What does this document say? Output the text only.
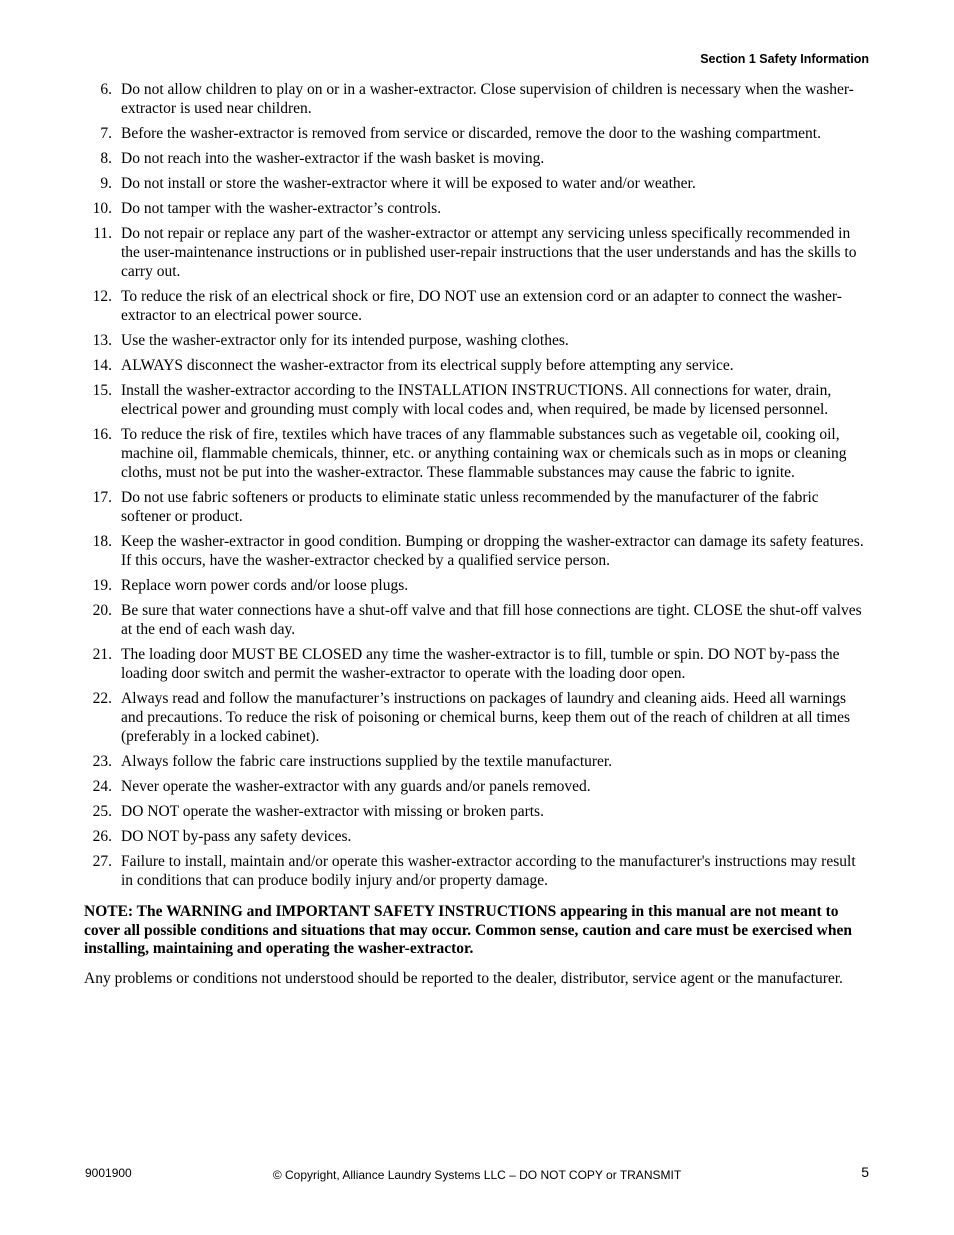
Section 1 Safety Information
6. Do not allow children to play on or in a washer-extractor. Close supervision of children is necessary when the washer-extractor is used near children.
7. Before the washer-extractor is removed from service or discarded, remove the door to the washing compartment.
8. Do not reach into the washer-extractor if the wash basket is moving.
9. Do not install or store the washer-extractor where it will be exposed to water and/or weather.
10. Do not tamper with the washer-extractor’s controls.
11. Do not repair or replace any part of the washer-extractor or attempt any servicing unless specifically recommended in the user-maintenance instructions or in published user-repair instructions that the user understands and has the skills to carry out.
12. To reduce the risk of an electrical shock or fire, DO NOT use an extension cord or an adapter to connect the washer-extractor to an electrical power source.
13. Use the washer-extractor only for its intended purpose, washing clothes.
14. ALWAYS disconnect the washer-extractor from its electrical supply before attempting any service.
15. Install the washer-extractor according to the INSTALLATION INSTRUCTIONS. All connections for water, drain, electrical power and grounding must comply with local codes and, when required, be made by licensed personnel.
16. To reduce the risk of fire, textiles which have traces of any flammable substances such as vegetable oil, cooking oil, machine oil, flammable chemicals, thinner, etc. or anything containing wax or chemicals such as in mops or cleaning cloths, must not be put into the washer-extractor. These flammable substances may cause the fabric to ignite.
17. Do not use fabric softeners or products to eliminate static unless recommended by the manufacturer of the fabric softener or product.
18. Keep the washer-extractor in good condition. Bumping or dropping the washer-extractor can damage its safety features. If this occurs, have the washer-extractor checked by a qualified service person.
19. Replace worn power cords and/or loose plugs.
20. Be sure that water connections have a shut-off valve and that fill hose connections are tight. CLOSE the shut-off valves at the end of each wash day.
21. The loading door MUST BE CLOSED any time the washer-extractor is to fill, tumble or spin. DO NOT by-pass the loading door switch and permit the washer-extractor to operate with the loading door open.
22. Always read and follow the manufacturer’s instructions on packages of laundry and cleaning aids. Heed all warnings and precautions. To reduce the risk of poisoning or chemical burns, keep them out of the reach of children at all times (preferably in a locked cabinet).
23. Always follow the fabric care instructions supplied by the textile manufacturer.
24. Never operate the washer-extractor with any guards and/or panels removed.
25. DO NOT operate the washer-extractor with missing or broken parts.
26. DO NOT by-pass any safety devices.
27. Failure to install, maintain and/or operate this washer-extractor according to the manufacturer's instructions may result in conditions that can produce bodily injury and/or property damage.
NOTE: The WARNING and IMPORTANT SAFETY INSTRUCTIONS appearing in this manual are not meant to cover all possible conditions and situations that may occur. Common sense, caution and care must be exercised when installing, maintaining and operating the washer-extractor.
Any problems or conditions not understood should be reported to the dealer, distributor, service agent or the manufacturer.
9001900	© Copyright, Alliance Laundry Systems LLC – DO NOT COPY or TRANSMIT	5
